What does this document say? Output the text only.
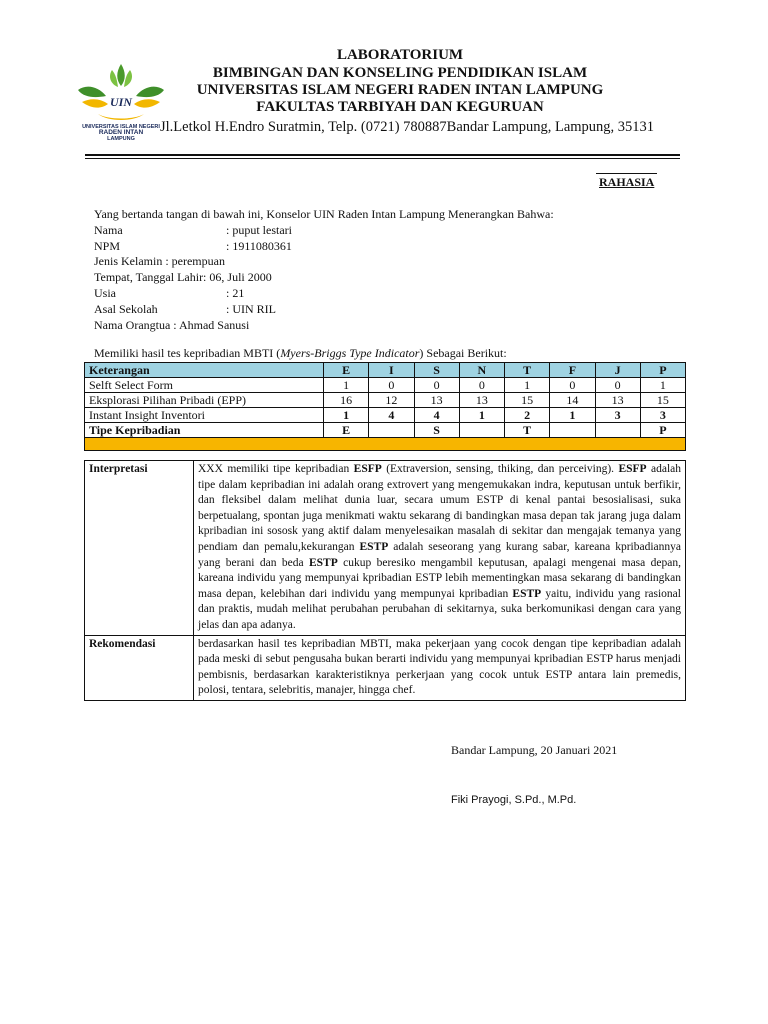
UIN
UNIVERSITAS ISLAM NEGERI
RADEN INTAN
LAMPUNG
LABORATORIUM
BIMBINGAN DAN KONSELING PENDIDIKAN ISLAM
UNIVERSITAS ISLAM NEGERI RADEN INTAN LAMPUNG
FAKULTAS TARBIYAH DAN KEGURUAN
Jl.Letkol H.Endro Suratmin, Telp. (0721) 780887Bandar Lampung, Lampung, 35131
RAHASIA
Yang bertanda tangan di bawah ini, Konselor UIN Raden Intan Lampung Menerangkan Bahwa:
Nama	: puput lestari
NPM	: 1911080361
Jenis Kelamin : perempuan
Tempat, Tanggal Lahir: 06, Juli 2000
Usia	: 21
Asal Sekolah	: UIN RIL
Nama Orangtua : Ahmad Sanusi
Memiliki hasil tes kepribadian MBTI (Myers-Briggs Type Indicator) Sebagai Berikut:
Keterangan	E	I	S	N	T	F	J	P
Selft Select Form	1	0	0	0	1	0	0	1
Eksplorasi Pilihan Pribadi (EPP)	16	12	13	13	15	14	13	15
Instant Insight Inventori	1	4	4	1	2	1	3	3
Tipe Kepribadian	E		S		T			P

Interpretasi	XXX memiliki tipe kepribadian ESFP (Extraversion, sensing, thiking, dan perceiving). ESFP adalah tipe dalam kepribadian ini adalah orang extrovert yang mengemukakan indra, keputusan untuk berfikir, dan fleksibel dalam melihat dunia luar, secara umum ESTP di kenal pantai besosialisasi, suka berpetualang, spontan juga menikmati waktu sekarang di bandingkan masa depan tak jarang juga dalam kpribadian ini sososk yang aktif dalam menyelesaikan masalah di sekitar dan mengajak temanya yang pendiam dan pemalu,kekurangan ESTP adalah seseorang yang kurang sabar, kareana kpribadiannya yang berani dan beda ESTP cukup beresiko mengambil keputusan, apalagi mengenai masa depan, kareana individu yang mempunyai kpribadian ESTP lebih mementingkan masa sekarang di bandingkan masa depan, kelebihan dari individu yang mempunyai kpribadian ESTP yaitu, individu yang rasional dan praktis, mudah melihat perubahan perubahan di sekitarnya, suka berkomunikasi dengan cara yang jelas dan apa adanya.
Rekomendasi	berdasarkan hasil tes kepribadian MBTI, maka pekerjaan yang cocok dengan tipe kepribadian adalah pada meski di sebut pengusaha bukan berarti individu yang mempunyai kpribadian ESTP harus menjadi pembisnis, berdasarkan karakteristiknya perkerjaan yang cocok untuk ESTP antara lain premedis, polosi, tentara, selebritis, manajer, hingga chef.
Bandar Lampung, 20 Januari 2021
Fiki Prayogi, S.Pd., M.Pd.
